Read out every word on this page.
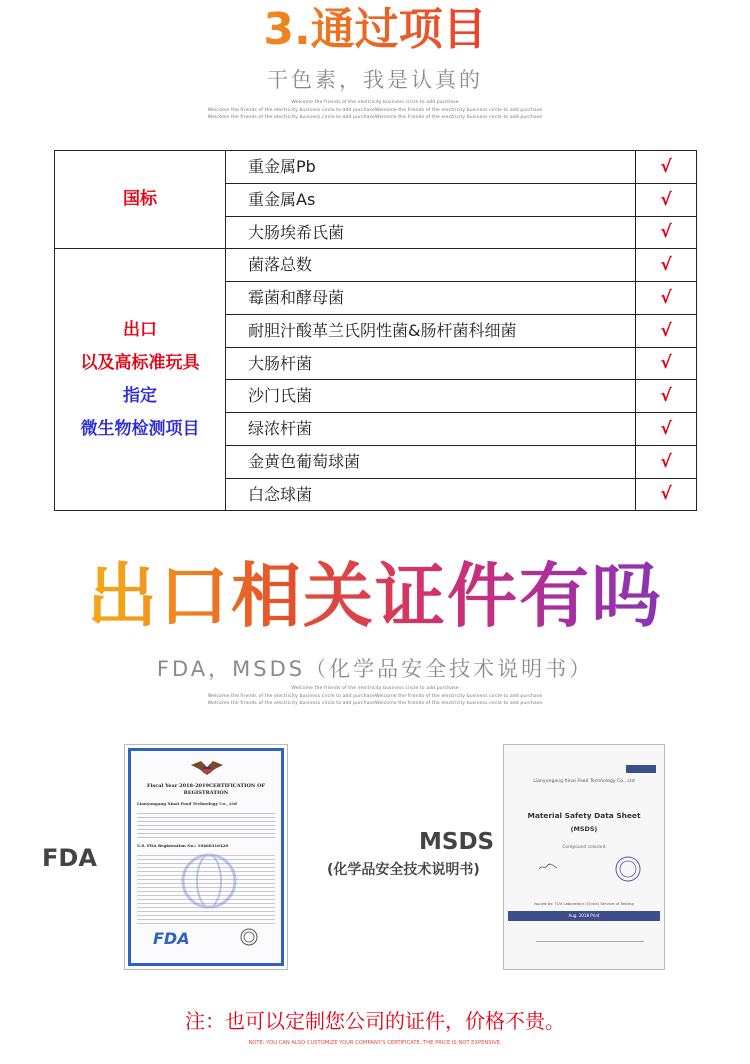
3.通过项目
干色素，我是认真的
Welcome the friends of the electricity business circle to add purchase
Welcome the friends of the electricity business circle to add purchaseWelcome the friends of the electricity business circle to add purchase
Welcome the friends of the electricity business circle to add purchaseWelcome the friends of the electricity business circle to add purchase
国标	重金属Pb	√
	重金属As	√
	大肠埃希氏菌	√

出口
以及高标准玩具
指定
微生物检测项目	菌落总数	√
	霉菌和酵母菌	√
	耐胆汁酸革兰氏阴性菌&肠杆菌科细菌	√
	大肠杆菌	√
	沙门氏菌	√
	绿浓杆菌	√
	金黄色葡萄球菌	√
	白念球菌	√
出口相关证件有吗
FDA，MSDS（化学品安全技术说明书）
Welcome the friends of the electricity business circle to add purchase
Welcome the friends of the electricity business circle to add purchaseWelcome the friends of the electricity business circle to add purchase
Welcome the friends of the electricity business circle to add purchaseWelcome the friends of the electricity business circle to add purchase
FDA
Fiscal Year 2018-2019CERTIFICATION OF REGISTRATION
Lianyungang Xinai Food Technology Co., Ltd
U.S. FDA Registration No.: 10468316420
FDA
MSDS
(化学品安全技术说明书)
Lianyungang Xinai Food Technology Co., Ltd
Material Safety Data Sheet
(MSDS)
Compound colorant
Issued by: TUV Laboratory (China) Service of Testing
Aug. 2018 Print
注：也可以定制您公司的证件，价格不贵。
NOTE: YOU CAN ALSO CUSTOMIZE YOUR COMPANY'S CERTIFICATE, THE PRICE IS NOT EXPENSIVE.
